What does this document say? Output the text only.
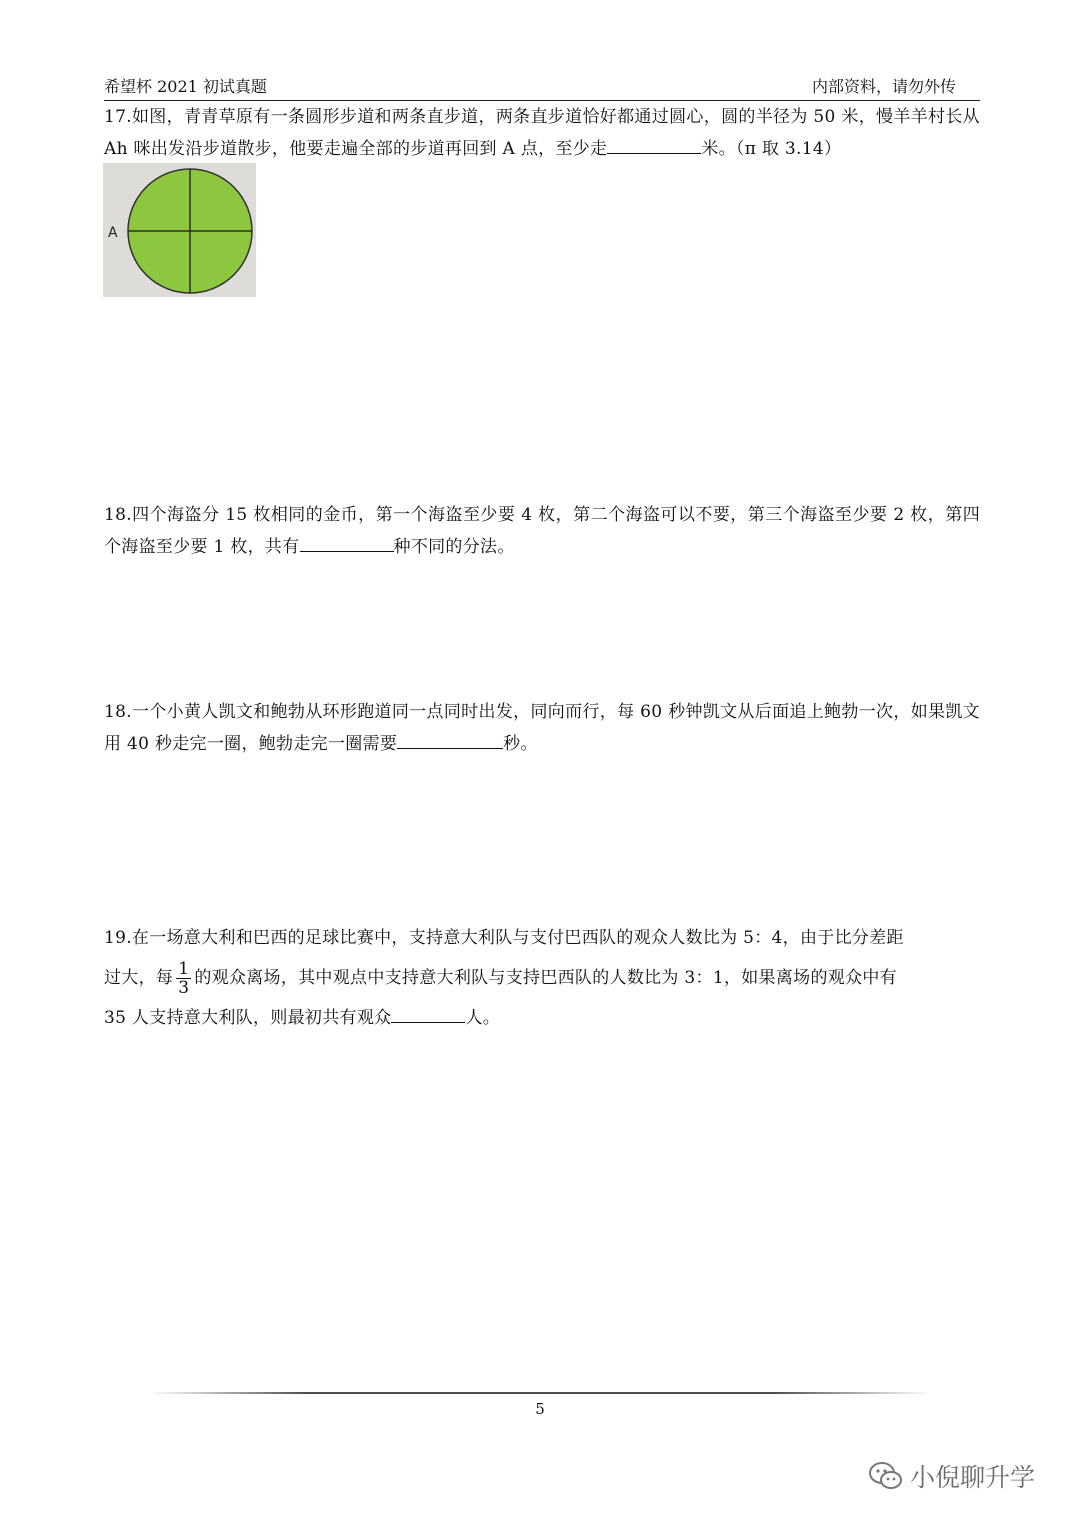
希望杯 2021 初试真题	内部资料，请勿外传
17.如图，青青草原有一条圆形步道和两条直步道，两条直步道恰好都通过圆心，圆的半径为 50 米，慢羊羊村长从 Ah 咪出发沿步道散步，他要走遍全部的步道再回到 A 点，至少走	米。（π 取 3.14）
A
18.四个海盗分 15 枚相同的金币，第一个海盗至少要 4 枚，第二个海盗可以不要，第三个海盗至少要 2 枚，第四个海盗至少要 1 枚，共有	种不同的分法。
18.一个小黄人凯文和鲍勃从环形跑道同一点同时出发，同向而行，每 60 秒钟凯文从后面追上鲍勃一次，如果凯文用 40 秒走完一圈，鲍勃走完一圈需要	秒。
19.在一场意大利和巴西的足球比赛中，支持意大利队与支付巴西队的观众人数比为 5：4，由于比分差距
过大，每 $\frac{1}{3}$ 的观众离场，其中观点中支持意大利队与支持巴西队的人数比为 3：1，如果离场的观众中有
35 人支持意大利队，则最初共有观众	人。
5
小倪聊升学
